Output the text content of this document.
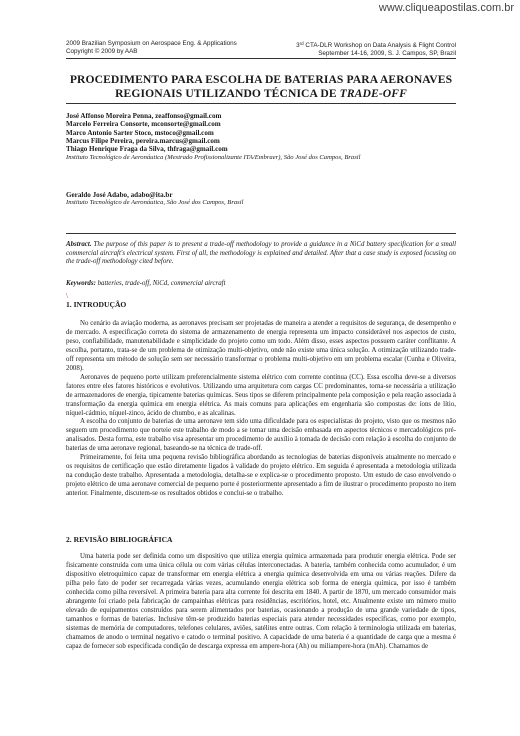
www.cliqueapostilas.com.br
2009 Brazilian Symposium on Aerospace Eng. & Applications
Copyright © 2009 by AAB
3rd CTA-DLR Workshop on Data Analysis & Flight Control
September 14-16, 2009, S. J. Campos, SP, Brazil
PROCEDIMENTO PARA ESCOLHA DE BATERIAS PARA AERONAVES
REGIONAIS UTILIZANDO TÉCNICA DE TRADE-OFF
José Affonso Moreira Penna, zeaffonso@gmail.com
Marcelo Ferreira Consorte, mconsorte@gmail.com
Marco Antonio Sarter Stoco, mstoco@gmail.com
Marcus Filipe Pereira, pereira.marcus@gmail.com
Thiago Henrique Fraga da Silva, thfraga@gmail.com
Instituto Tecnológico de Aeronáutica (Mestrado Profissionalizante ITA/Embraer), São José dos Campos, Brasil
Geraldo José Adabo, adabo@ita.br
Instituto Tecnológico de Aeronáutica, São José dos Campos, Brasil
Abstract. The purpose of this paper is to present a trade-off methodology to provide a guidance in a NiCd battery specification for a small commercial aircraft's electrical system. First of all, the methodology is explained and detailed. After that a case study is exposed focusing on the trade-off methodology cited before.
Keywords: batteries, trade-off, NiCd, commercial aircraft
\
1. INTRODUÇÃO

No cenário da aviação moderna, as aeronaves precisam ser projetadas de maneira a atender a requisitos de segurança, de desempenho e de mercado. A especificação correta do sistema de armazenamento de energia representa um impacto considerável nos aspectos de custo, peso, confiabilidade, manutenabilidade e simplicidade do projeto como um todo. Além disso, esses aspectos possuem caráter conflitante. A escolha, portanto, trata-se de um problema de otimização multi-objetivo, onde não existe uma única solução. A otimização utilizando trade-off representa um método de solução sem ser necessário transformar o problema multi-objetivo em um problema escalar (Cunha e Oliveira, 2008).

Aeronaves de pequeno porte utilizam preferencialmente sistema elétrico com corrente contínua (CC). Essa escolha deve-se a diversos fatores entre eles fatores históricos e evolutivos. Utilizando uma arquitetura com cargas CC predominantes, torna-se necessária a utilização de armazenadores de energia, tipicamente baterias químicas. Seus tipos se diferem principalmente pela composição e pela reação associada à transformação da energia química em energia elétrica. As mais comuns para aplicações em engenharia são compostas de: íons de lítio, níquel-cádmio, níquel-zinco, ácido de chumbo, e as alcalinas.

A escolha do conjunto de baterias de uma aeronave tem sido uma dificuldade para os especialistas do projeto, visto que os mesmos não seguem um procedimento que norteie este trabalho de modo a se tomar uma decisão embasada em aspectos técnicos e mercadológicos pré-analisados. Desta forma, este trabalho visa apresentar um procedimento de auxílio à tomada de decisão com relação à escolha do conjunto de baterias de uma aeronave regional, baseando-se na técnica de trade-off.

Primeiramente, foi feita uma pequena revisão bibliográfica abordando as tecnologias de baterias disponíveis atualmente no mercado e os requisitos de certificação que estão diretamente ligados à validade do projeto elétrico. Em seguida é apresentada a metodologia utilizada na condução deste trabalho. Apresentada a metodologia, detalha-se e explica-se o procedimento proposto. Um estudo de caso envolvendo o projeto elétrico de uma aeronave comercial de pequeno porte é posteriormente apresentado a fim de ilustrar o procedimento proposto no item anterior. Finalmente, discutem-se os resultados obtidos e conclui-se o trabalho.

2. REVISÃO BIBLIOGRÁFICA

Uma bateria pode ser definida como um dispositivo que utiliza energia química armazenada para produzir energia elétrica. Pode ser fisicamente construída com uma única célula ou com várias células interconectadas. A bateria, também conhecida como acumulador, é um dispositivo eletroquímico capaz de transformar em energia elétrica a energia química desenvolvida em uma ou várias reações. Difere da pilha pelo fato de poder ser recarregada várias vezes, acumulando energia elétrica sob forma de energia química, por isso é também conhecida como pilha reversível. A primeira bateria para alta corrente foi descrita em 1840. A partir de 1870, um mercado consumidor mais abrangente foi criado pela fabricação de campainhas elétricas para residências, escritórios, hotel, etc. Atualmente existe um número muito elevado de equipamentos construídos para serem alimentados por baterias, ocasionando a produção de uma grande variedade de tipos, tamanhos e formas de baterias. Inclusive têm-se produzido baterias especiais para atender necessidades específicas, como por exemplo, sistemas de memória de computadores, telefones celulares, aviões, satélites entre outras. Com relação à terminologia utilizada em baterias, chamamos de anodo o terminal negativo e catodo o terminal positivo. A capacidade de uma bateria é a quantidade de carga que a mesma é capaz de fornecer sob especificada condição de descarga expressa em ampere-hora (Ah) ou miliampere-hora (mAh). Chamamos de
